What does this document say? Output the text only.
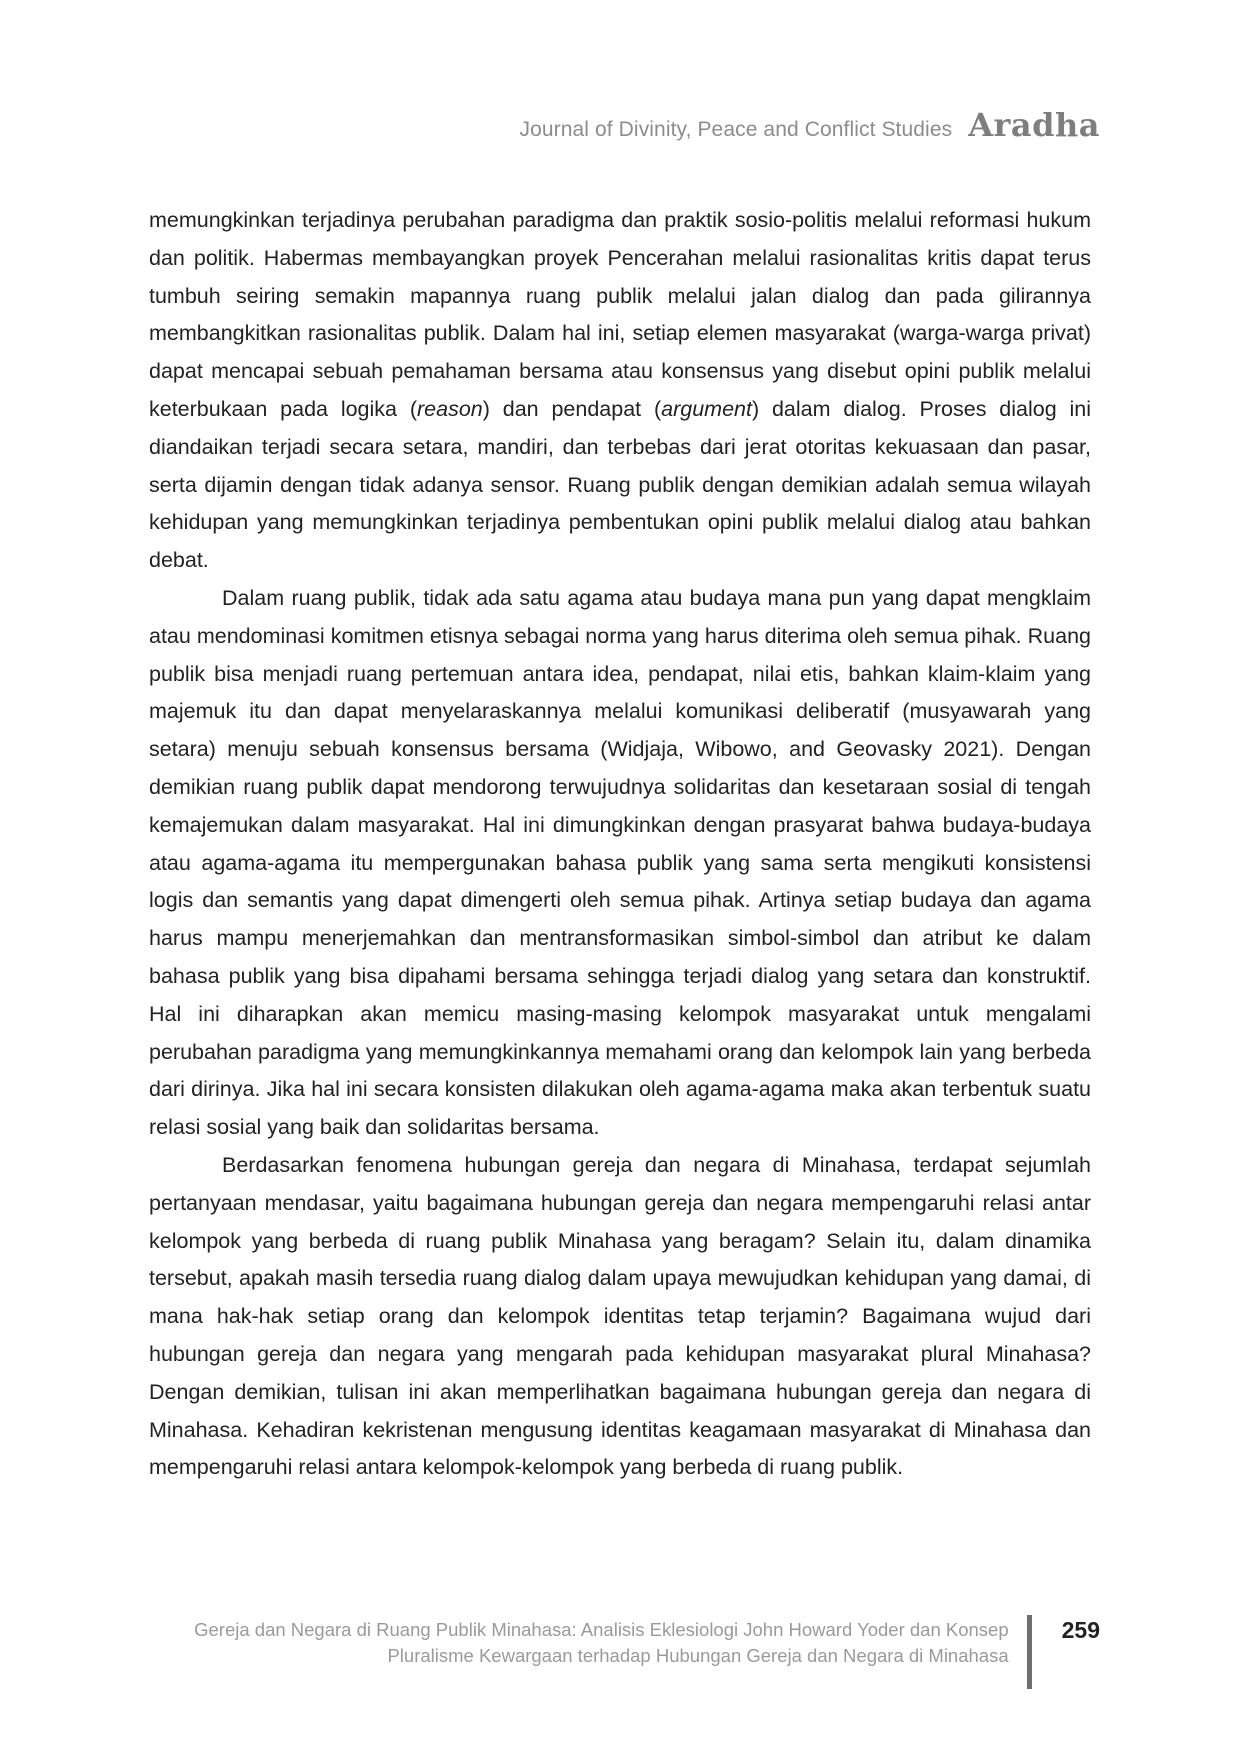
Journal of Divinity, Peace and Conflict Studies Aradha

memungkinkan terjadinya perubahan paradigma dan praktik sosio-politis melalui reformasi hukum dan politik. Habermas membayangkan proyek Pencerahan melalui rasionalitas kritis dapat terus tumbuh seiring semakin mapannya ruang publik melalui jalan dialog dan pada gilirannya membangkitkan rasionalitas publik. Dalam hal ini, setiap elemen masyarakat (warga-warga privat) dapat mencapai sebuah pemahaman bersama atau konsensus yang disebut opini publik melalui keterbukaan pada logika (reason) dan pendapat (argument) dalam dialog. Proses dialog ini diandaikan terjadi secara setara, mandiri, dan terbebas dari jerat otoritas kekuasaan dan pasar, serta dijamin dengan tidak adanya sensor. Ruang publik dengan demikian adalah semua wilayah kehidupan yang memungkinkan terjadinya pembentukan opini publik melalui dialog atau bahkan debat.

Dalam ruang publik, tidak ada satu agama atau budaya mana pun yang dapat mengklaim atau mendominasi komitmen etisnya sebagai norma yang harus diterima oleh semua pihak. Ruang publik bisa menjadi ruang pertemuan antara idea, pendapat, nilai etis, bahkan klaim-klaim yang majemuk itu dan dapat menyelaraskannya melalui komunikasi deliberatif (musyawarah yang setara) menuju sebuah konsensus bersama (Widjaja, Wibowo, and Geovasky 2021). Dengan demikian ruang publik dapat mendorong terwujudnya solidaritas dan kesetaraan sosial di tengah kemajemukan dalam masyarakat. Hal ini dimungkinkan dengan prasyarat bahwa budaya-budaya atau agama-agama itu mempergunakan bahasa publik yang sama serta mengikuti konsistensi logis dan semantis yang dapat dimengerti oleh semua pihak. Artinya setiap budaya dan agama harus mampu menerjemahkan dan mentransformasikan simbol-simbol dan atribut ke dalam bahasa publik yang bisa dipahami bersama sehingga terjadi dialog yang setara dan konstruktif. Hal ini diharapkan akan memicu masing-masing kelompok masyarakat untuk mengalami perubahan paradigma yang memungkinkannya memahami orang dan kelompok lain yang berbeda dari dirinya. Jika hal ini secara konsisten dilakukan oleh agama-agama maka akan terbentuk suatu relasi sosial yang baik dan solidaritas bersama.

Berdasarkan fenomena hubungan gereja dan negara di Minahasa, terdapat sejumlah pertanyaan mendasar, yaitu bagaimana hubungan gereja dan negara mempengaruhi relasi antar kelompok yang berbeda di ruang publik Minahasa yang beragam? Selain itu, dalam dinamika tersebut, apakah masih tersedia ruang dialog dalam upaya mewujudkan kehidupan yang damai, di mana hak-hak setiap orang dan kelompok identitas tetap terjamin? Bagaimana wujud dari hubungan gereja dan negara yang mengarah pada kehidupan masyarakat plural Minahasa? Dengan demikian, tulisan ini akan memperlihatkan bagaimana hubungan gereja dan negara di Minahasa. Kehadiran kekristenan mengusung identitas keagamaan masyarakat di Minahasa dan mempengaruhi relasi antara kelompok-kelompok yang berbeda di ruang publik.

Gereja dan Negara di Ruang Publik Minahasa: Analisis Eklesiologi John Howard Yoder dan Konsep
Pluralisme Kewargaan terhadap Hubungan Gereja dan Negara di Minahasa
259
